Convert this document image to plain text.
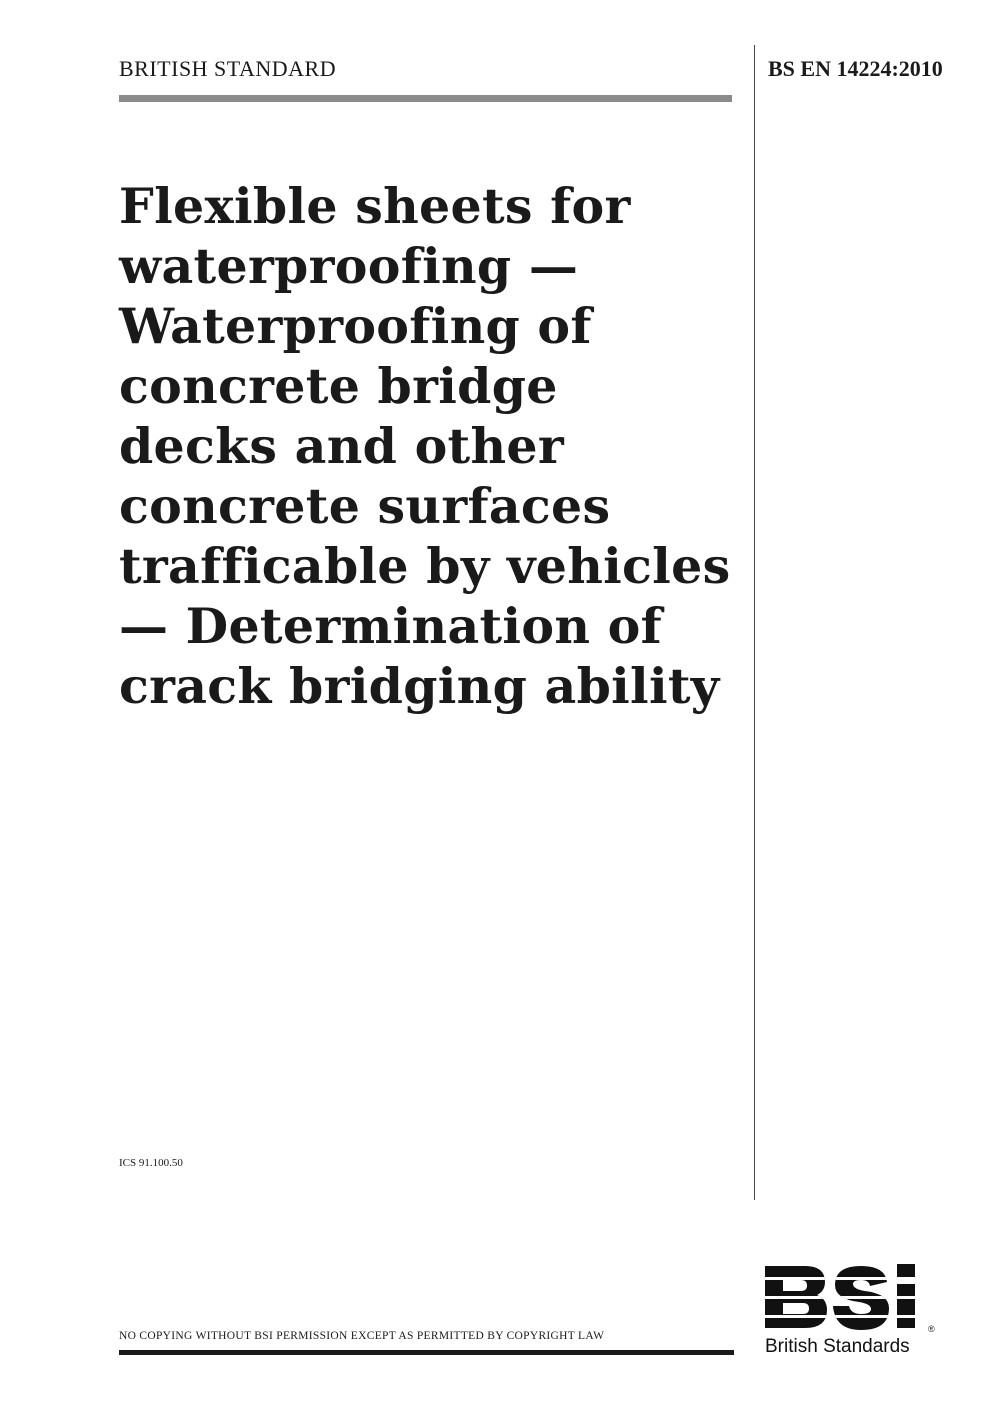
BRITISH STANDARD	BS EN 14224:2010
Flexible sheets for
waterproofing —
Waterproofing of
concrete bridge
decks and other
concrete surfaces
trafficable by vehicles
— Determination of
crack bridging ability
ICS 91.100.50
NO COPYING WITHOUT BSI PERMISSION EXCEPT AS PERMITTED BY COPYRIGHT LAW	British Standards
®
